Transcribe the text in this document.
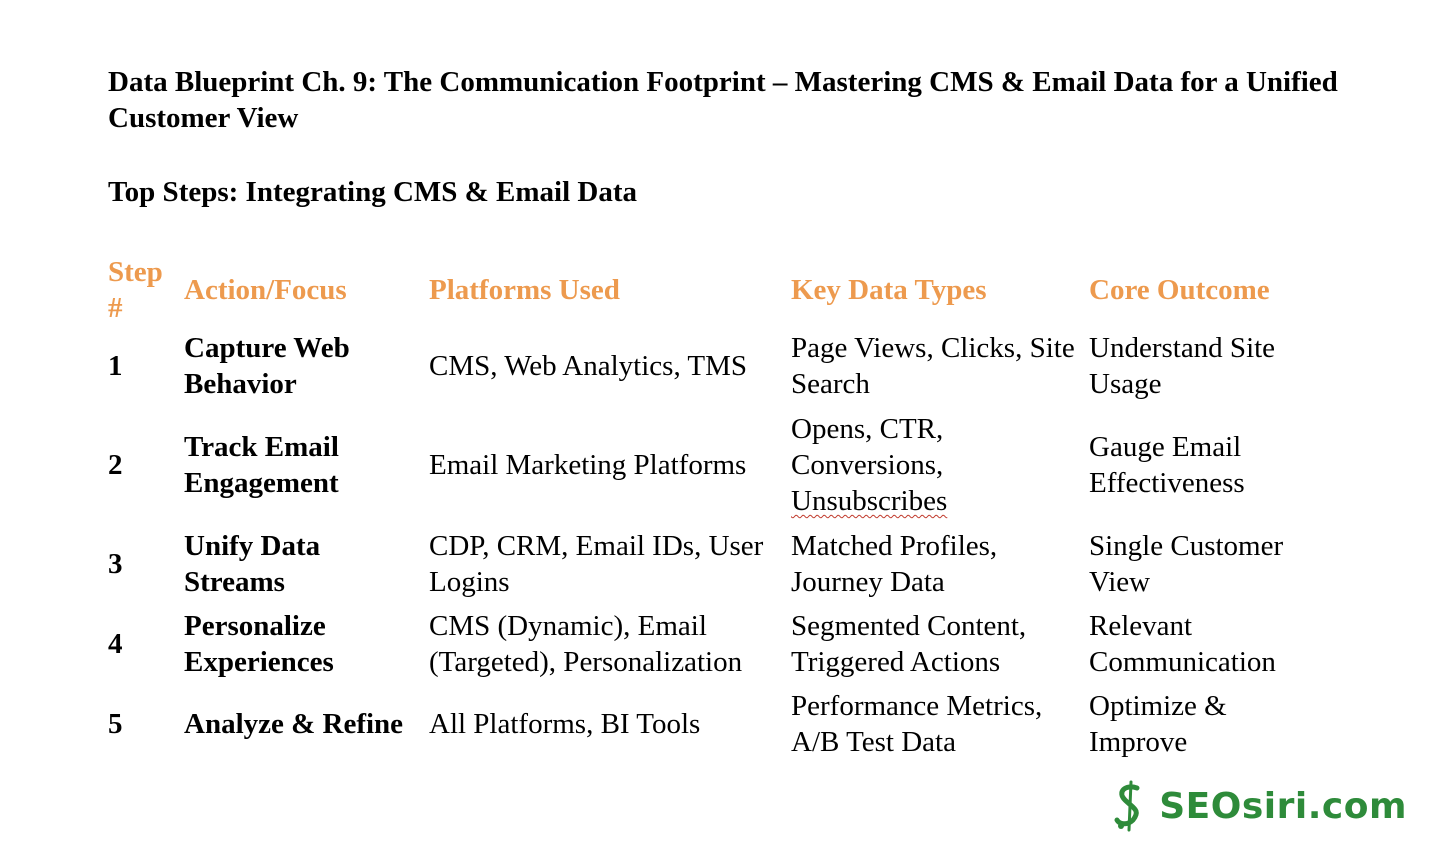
Data Blueprint Ch. 9: The Communication Footprint – Mastering CMS & Email Data for a Unified Customer View
Top Steps: Integrating CMS & Email Data
Step #	Action/Focus	Platforms Used	Key Data Types	Core Outcome
1	Capture Web Behavior	CMS, Web Analytics, TMS	Page Views, Clicks, Site Search	Understand Site Usage
2	Track Email Engagement	Email Marketing Platforms	Opens, CTR, Conversions, Unsubscribes	Gauge Email Effectiveness
3	Unify Data Streams	CDP, CRM, Email IDs, User Logins	Matched Profiles, Journey Data	Single Customer View
4	Personalize Experiences	CMS (Dynamic), Email (Targeted), Personalization	Segmented Content, Triggered Actions	Relevant Communication
5	Analyze & Refine	All Platforms, BI Tools	Performance Metrics, A/B Test Data	Optimize & Improve
SEOsiri.com
